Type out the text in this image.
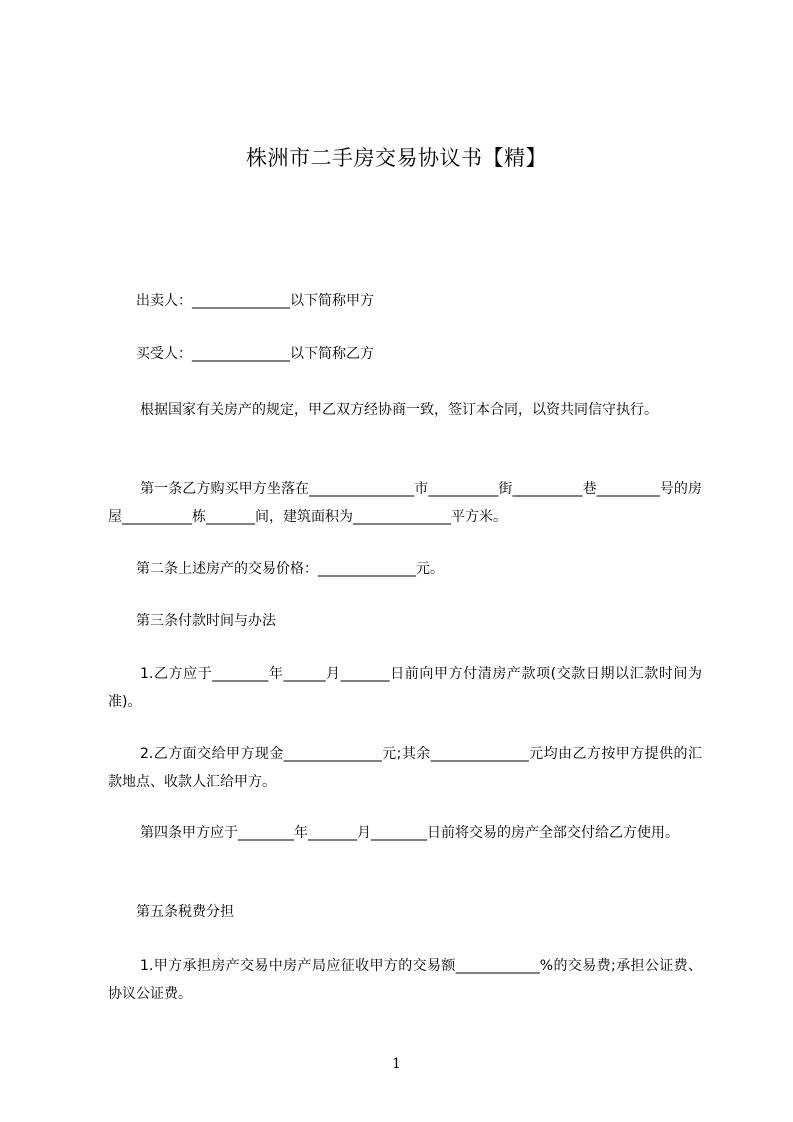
株洲市二手房交易协议书【精】
出卖人：______________以下简称甲方
买受人：______________以下简称乙方
根据国家有关房产的规定，甲乙双方经协商一致，签订本合同，以资共同信守执行。
第一条乙方购买甲方坐落在_______________市__________街__________巷_________号的房屋__________栋_______间，建筑面积为______________平方米。
第二条上述房产的交易价格：______________元。
第三条付款时间与办法
1.乙方应于________年______月_______日前向甲方付清房产款项(交款日期以汇款时间为准)。
2.乙方面交给甲方现金______________元;其余______________元均由乙方按甲方提供的汇款地点、收款人汇给甲方。
第四条甲方应于________年_______月________日前将交易的房产全部交付给乙方使用。
第五条税费分担
1.甲方承担房产交易中房产局应征收甲方的交易额____________%的交易费;承担公证费、协议公证费。
1
